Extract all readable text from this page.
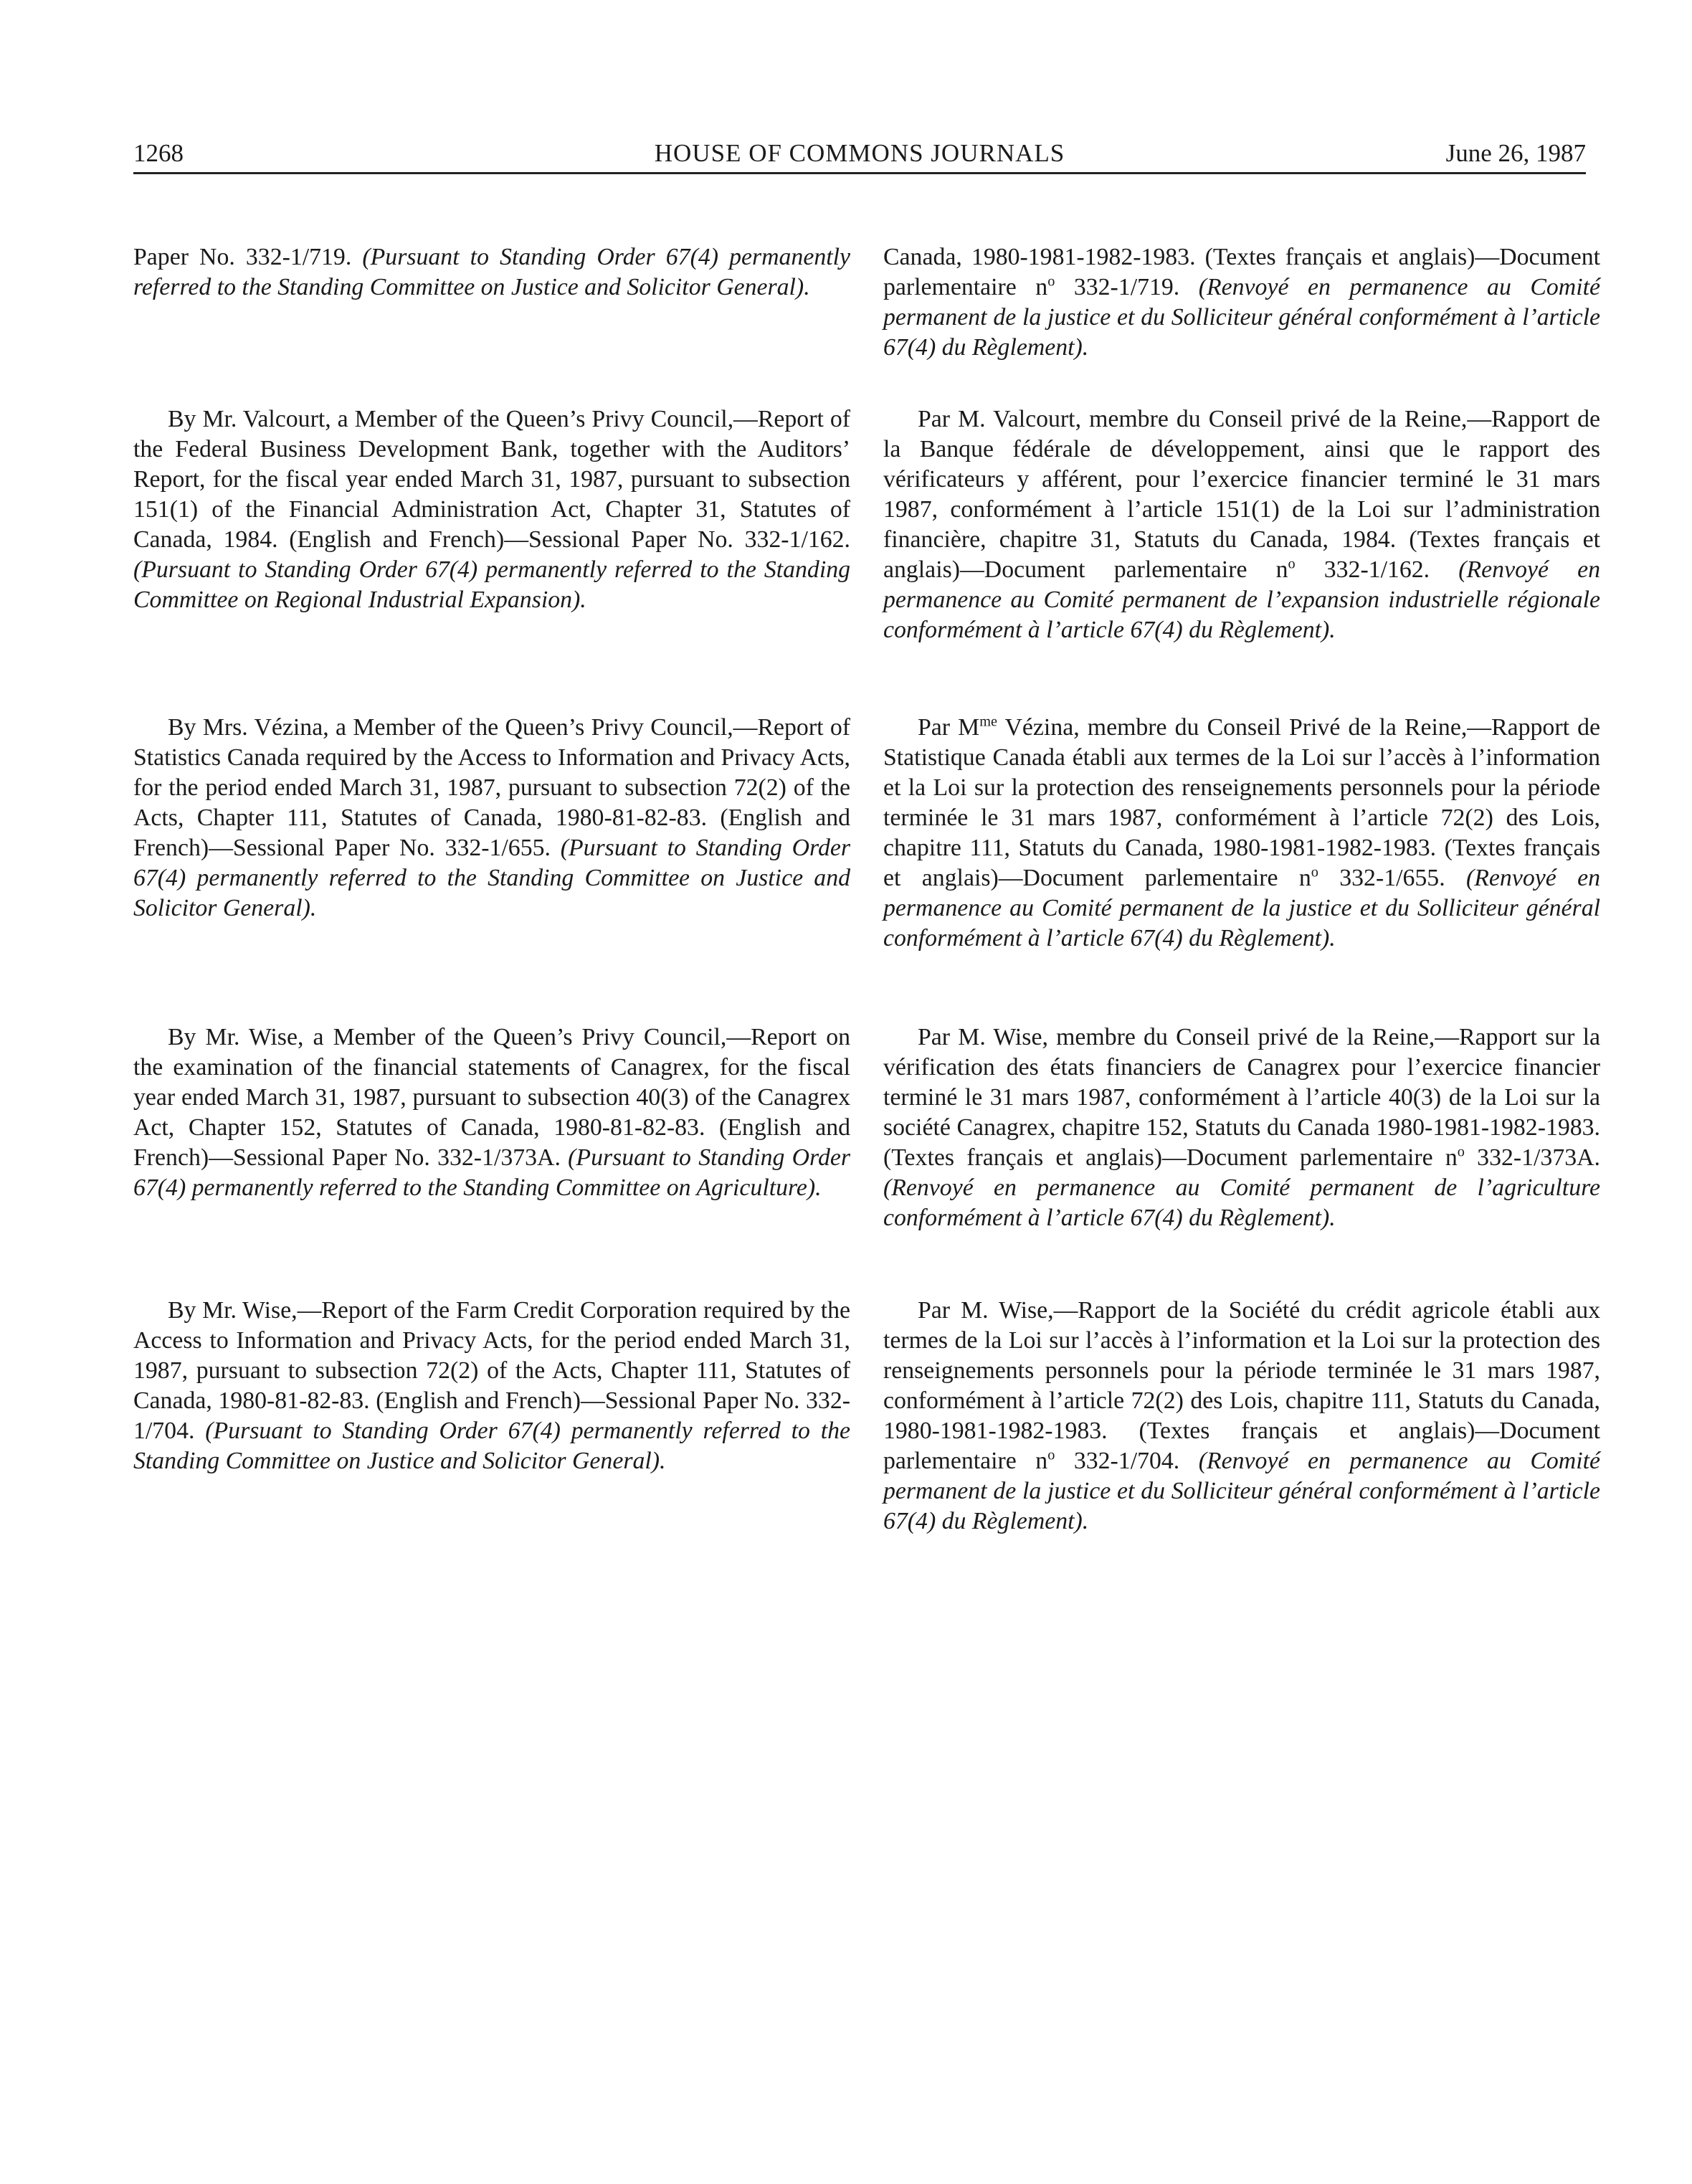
1268	HOUSE OF COMMONS JOURNALS	June 26, 1987

Paper No. 332-1/719. (Pursuant to Standing Order 67(4) permanently referred to the Standing Committee on Justice and Solicitor General).

By Mr. Valcourt, a Member of the Queen’s Privy Council,—Report of the Federal Business Development Bank, together with the Auditors’ Report, for the fiscal year ended March 31, 1987, pursuant to subsection 151(1) of the Financial Administration Act, Chapter 31, Statutes of Canada, 1984. (English and French)—Sessional Paper No. 332-1/162. (Pursuant to Standing Order 67(4) permanently referred to the Standing Committee on Regional Industrial Expansion).

By Mrs. Vézina, a Member of the Queen’s Privy Council,—Report of Statistics Canada required by the Access to Information and Privacy Acts, for the period ended March 31, 1987, pursuant to subsection 72(2) of the Acts, Chapter 111, Statutes of Canada, 1980-81-82-83. (English and French)—Sessional Paper No. 332-1/655. (Pursuant to Standing Order 67(4) permanently referred to the Standing Committee on Justice and Solicitor General).

By Mr. Wise, a Member of the Queen’s Privy Council,—Report on the examination of the financial statements of Canagrex, for the fiscal year ended March 31, 1987, pursuant to subsection 40(3) of the Canagrex Act, Chapter 152, Statutes of Canada, 1980-81-82-83. (English and French)—Sessional Paper No. 332-1/373A. (Pursuant to Standing Order 67(4) permanently referred to the Standing Committee on Agriculture).

By Mr. Wise,—Report of the Farm Credit Corporation required by the Access to Information and Privacy Acts, for the period ended March 31, 1987, pursuant to subsection 72(2) of the Acts, Chapter 111, Statutes of Canada, 1980-81-82-83. (English and French)—Sessional Paper No. 332-1/704. (Pursuant to Standing Order 67(4) permanently referred to the Standing Committee on Justice and Solicitor General).

Canada, 1980-1981-1982-1983. (Textes français et anglais)—Document parlementaire $n^o$ 332-1/719. (Renvoyé en permanence au Comité permanent de la justice et du Solliciteur général conformément à l’article 67(4) du Règlement).

Par M. Valcourt, membre du Conseil privé de la Reine,—Rapport de la Banque fédérale de développement, ainsi que le rapport des vérificateurs y afférent, pour l’exercice financier terminé le 31 mars 1987, conformément à l’article 151(1) de la Loi sur l’administration financière, chapitre 31, Statuts du Canada, 1984. (Textes français et anglais)—Document parlementaire $n^o$ 332-1/162. (Renvoyé en permanence au Comité permanent de l’expansion industrielle régionale conformément à l’article 67(4) du Règlement).

Par $M^{me}$ Vézina, membre du Conseil Privé de la Reine,—Rapport de Statistique Canada établi aux termes de la Loi sur l’accès à l’information et la Loi sur la protection des renseignements personnels pour la période terminée le 31 mars 1987, conformément à l’article 72(2) des Lois, chapitre 111, Statuts du Canada, 1980-1981-1982-1983. (Textes français et anglais)—Document parlementaire $n^o$ 332-1/655. (Renvoyé en permanence au Comité permanent de la justice et du Solliciteur général conformément à l’article 67(4) du Règlement).

Par M. Wise, membre du Conseil privé de la Reine,—Rapport sur la vérification des états financiers de Canagrex pour l’exercice financier terminé le 31 mars 1987, conformément à l’article 40(3) de la Loi sur la société Canagrex, chapitre 152, Statuts du Canada 1980-1981-1982-1983. (Textes français et anglais)—Document parlementaire $n^o$ 332-1/373A. (Renvoyé en permanence au Comité permanent de l’agriculture conformément à l’article 67(4) du Règlement).

Par M. Wise,—Rapport de la Société du crédit agricole établi aux termes de la Loi sur l’accès à l’information et la Loi sur la protection des renseignements personnels pour la période terminée le 31 mars 1987, conformément à l’article 72(2) des Lois, chapitre 111, Statuts du Canada, 1980-1981-1982-1983. (Textes français et anglais)—Document parlementaire $n^o$ 332-1/704. (Renvoyé en permanence au Comité permanent de la justice et du Solliciteur général conformément à l’article 67(4) du Règlement).
